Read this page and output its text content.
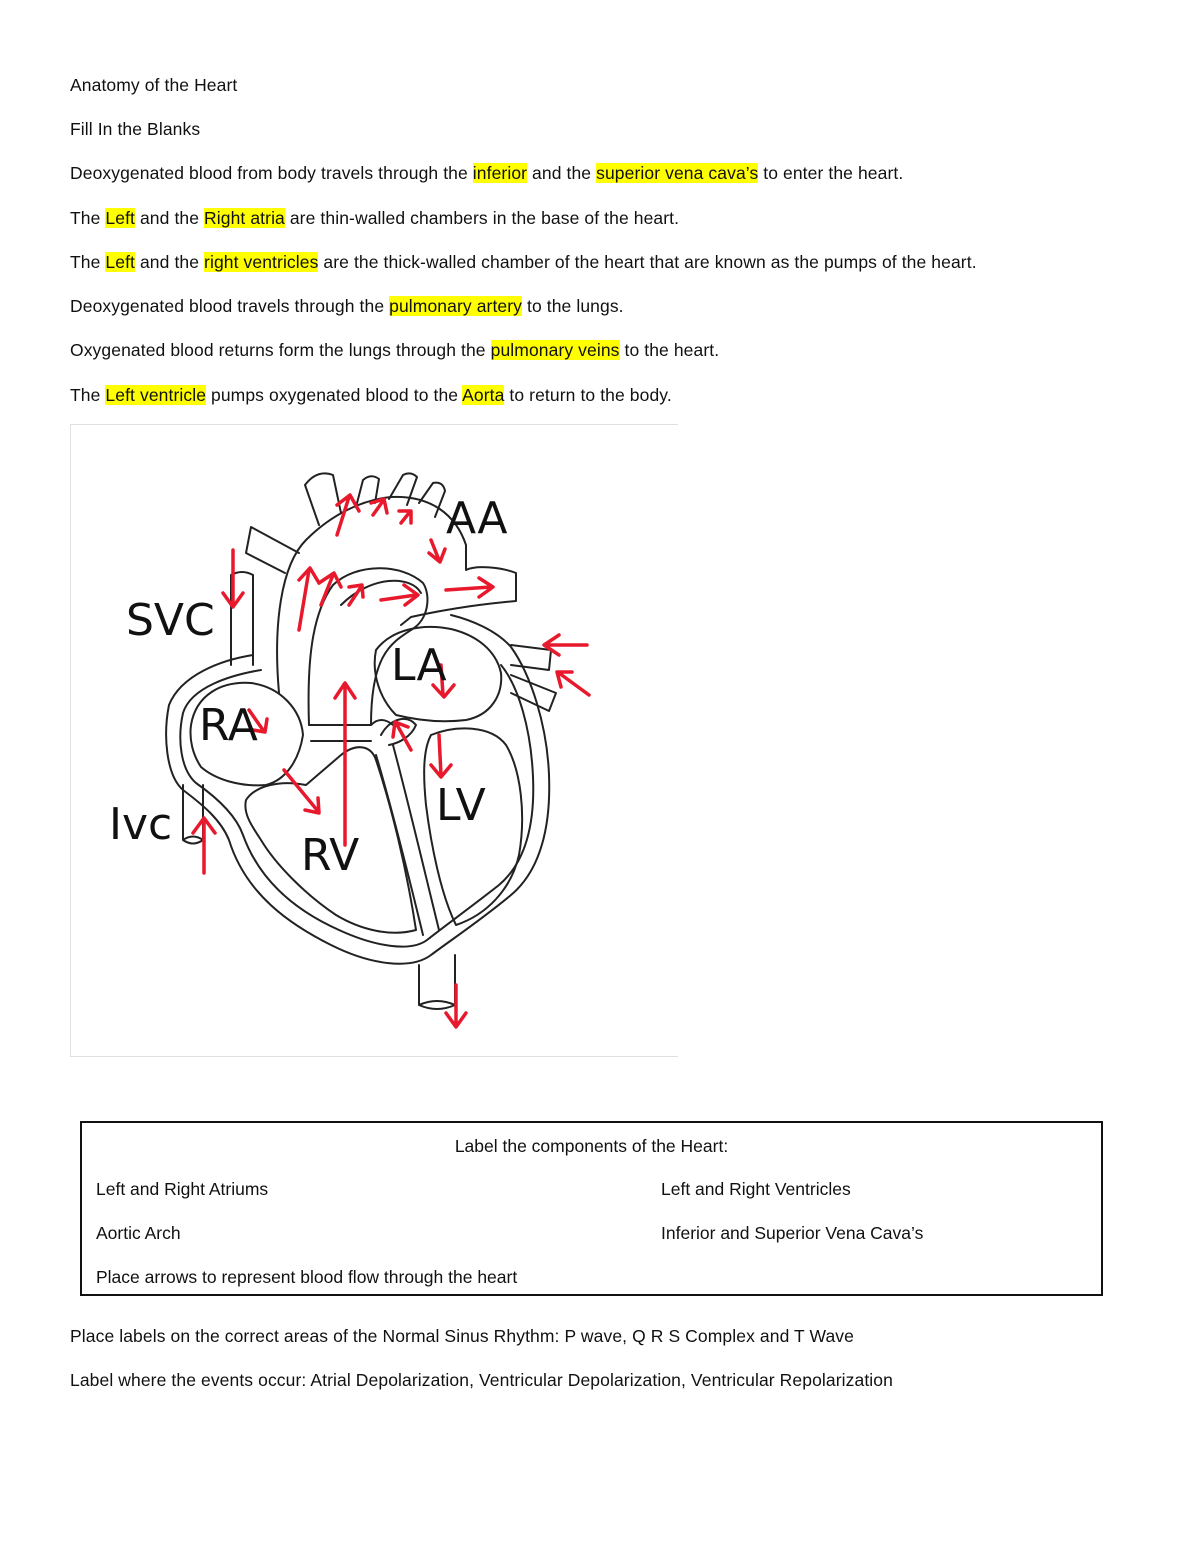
Anatomy of the Heart
Fill In the Blanks
Deoxygenated blood from body travels through the inferior and the superior vena cava’s to enter the heart.
The Left and the Right atria are thin-walled chambers in the base of the heart.
The Left and the right ventricles are the thick-walled chamber of the heart that are known as the pumps of the heart.
Deoxygenated blood travels through the pulmonary artery to the lungs.
Oxygenated blood returns form the lungs through the pulmonary veins to the heart.
The Left ventricle pumps oxygenated blood to the Aorta to return to the body.
AA
SVC
RA
LA
Ivc
RV
LV
Label the components of the Heart:
Left and Right Atriums	Left and Right Ventricles
Aortic Arch	Inferior and Superior Vena Cava’s
Place arrows to represent blood flow through the heart
Place labels on the correct areas of the Normal Sinus Rhythm: P wave, Q R S Complex and T Wave
Label where the events occur: Atrial Depolarization, Ventricular Depolarization, Ventricular Repolarization
